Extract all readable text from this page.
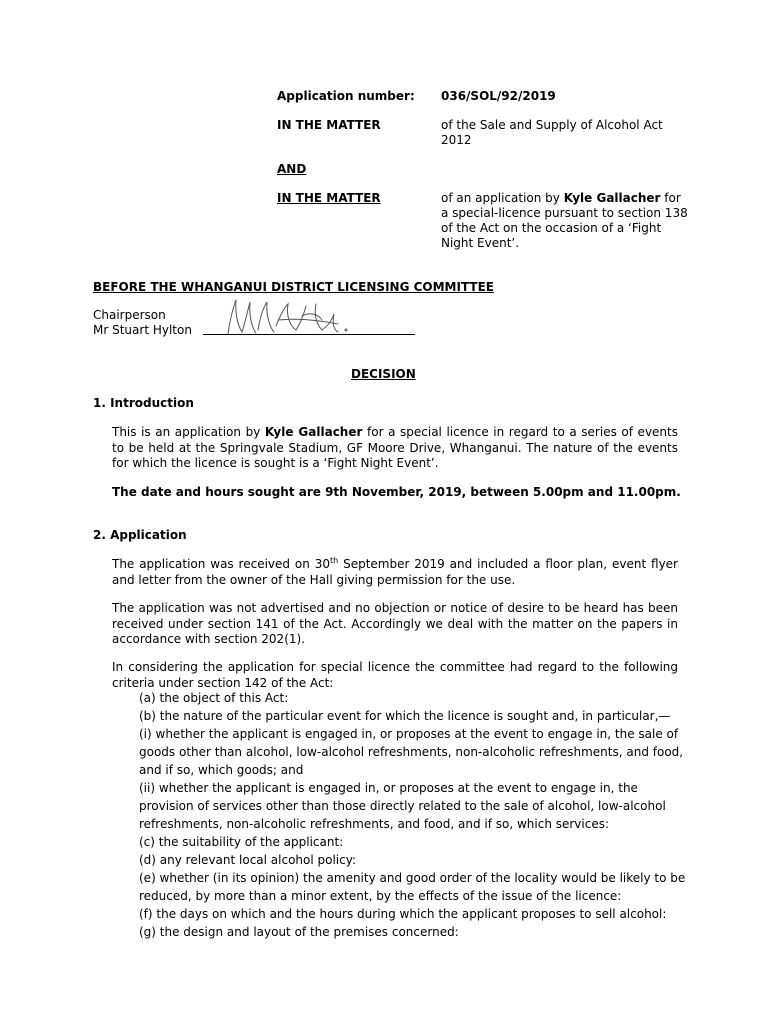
Application number: 036/SOL/92/2019
IN THE MATTER	of the Sale and Supply of Alcohol Act
2012
AND
IN THE MATTER	of an application by Kyle Gallacher for
a special-licence pursuant to section 138
of the Act on the occasion of a ‘Fight
Night Event’.
BEFORE THE WHANGANUI DISTRICT LICENSING COMMITTEE
Chairperson
Mr Stuart Hylton
DECISION
1. Introduction
This is an application by Kyle Gallacher for a special licence in regard to a series of events to be held at the Springvale Stadium, GF Moore Drive, Whanganui. The nature of the events for which the licence is sought is a ‘Fight Night Event’.
The date and hours sought are 9th November, 2019, between 5.00pm and 11.00pm.
2. Application
The application was received on 30th September 2019 and included a floor plan, event flyer and letter from the owner of the Hall giving permission for the use.
The application was not advertised and no objection or notice of desire to be heard has been received under section 141 of the Act. Accordingly we deal with the matter on the papers in accordance with section 202(1).
In considering the application for special licence the committee had regard to the following criteria under section 142 of the Act:
(a) the object of this Act:
(b) the nature of the particular event for which the licence is sought and, in particular,—
(i) whether the applicant is engaged in, or proposes at the event to engage in, the sale of
goods other than alcohol, low-alcohol refreshments, non-alcoholic refreshments, and food,
and if so, which goods; and
(ii) whether the applicant is engaged in, or proposes at the event to engage in, the
provision of services other than those directly related to the sale of alcohol, low-alcohol
refreshments, non-alcoholic refreshments, and food, and if so, which services:
(c) the suitability of the applicant:
(d) any relevant local alcohol policy:
(e) whether (in its opinion) the amenity and good order of the locality would be likely to be
reduced, by more than a minor extent, by the effects of the issue of the licence:
(f) the days on which and the hours during which the applicant proposes to sell alcohol:
(g) the design and layout of the premises concerned:
